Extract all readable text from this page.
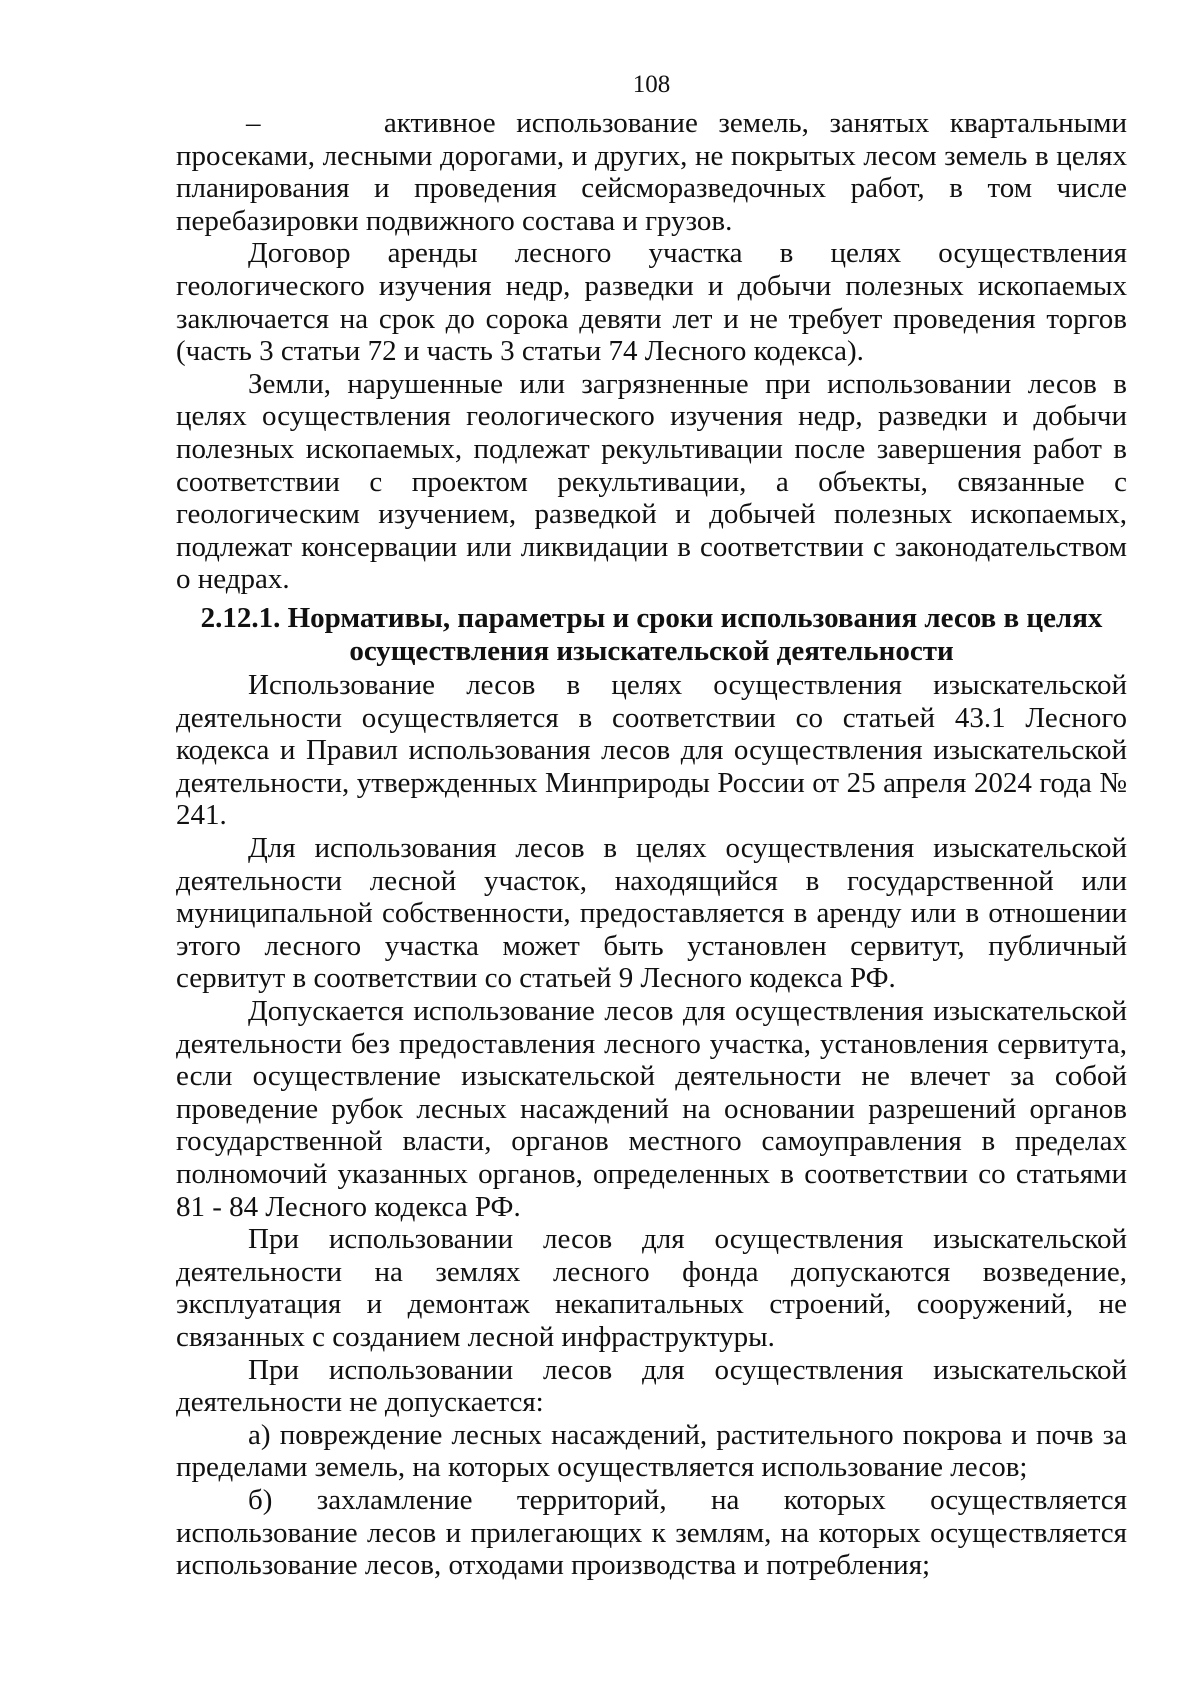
108

–      активное использование земель, занятых квартальными просеками, лесными дорогами, и других, не покрытых лесом земель в целях планирования и проведения сейсморазведочных работ, в том числе перебазировки подвижного состава и грузов.

Договор аренды лесного участка в целях осуществления геологического изучения недр, разведки и добычи полезных ископаемых заключается на срок до сорока девяти лет и не требует проведения торгов (часть 3 статьи 72 и часть 3 статьи 74 Лесного кодекса).

Земли, нарушенные или загрязненные при использовании лесов в целях осуществления геологического изучения недр, разведки и добычи полезных ископаемых, подлежат рекультивации после завершения работ в соответствии с проектом рекультивации, а объекты, связанные с геологическим изучением, разведкой и добычей полезных ископаемых, подлежат консервации или ликвидации в соответствии с законодательством о недрах.

2.12.1. Нормативы, параметры и сроки использования лесов в целях
осуществления изыскательской деятельности

Использование лесов в целях осуществления изыскательской деятельности осуществляется в соответствии со статьей 43.1 Лесного кодекса и Правил использования лесов для осуществления изыскательской деятельности, утвержденных Минприроды России от 25 апреля 2024 года № 241.

Для использования лесов в целях осуществления изыскательской деятельности лесной участок, находящийся в государственной или муниципальной собственности, предоставляется в аренду или в отношении этого лесного участка может быть установлен сервитут, публичный сервитут в соответствии со статьей 9 Лесного кодекса РФ.

Допускается использование лесов для осуществления изыскательской деятельности без предоставления лесного участка, установления сервитута, если осуществление изыскательской деятельности не влечет за собой проведение рубок лесных насаждений на основании разрешений органов государственной власти, органов местного самоуправления в пределах полномочий указанных органов, определенных в соответствии со статьями 81 - 84 Лесного кодекса РФ.

При использовании лесов для осуществления изыскательской деятельности на землях лесного фонда допускаются возведение, эксплуатация и демонтаж некапитальных строений, сооружений, не связанных с созданием лесной инфраструктуры.

При использовании лесов для осуществления изыскательской деятельности не допускается:

а) повреждение лесных насаждений, растительного покрова и почв за пределами земель, на которых осуществляется использование лесов;

б) захламление территорий, на которых осуществляется использование лесов и прилегающих к землям, на которых осуществляется использование лесов, отходами производства и потребления;
